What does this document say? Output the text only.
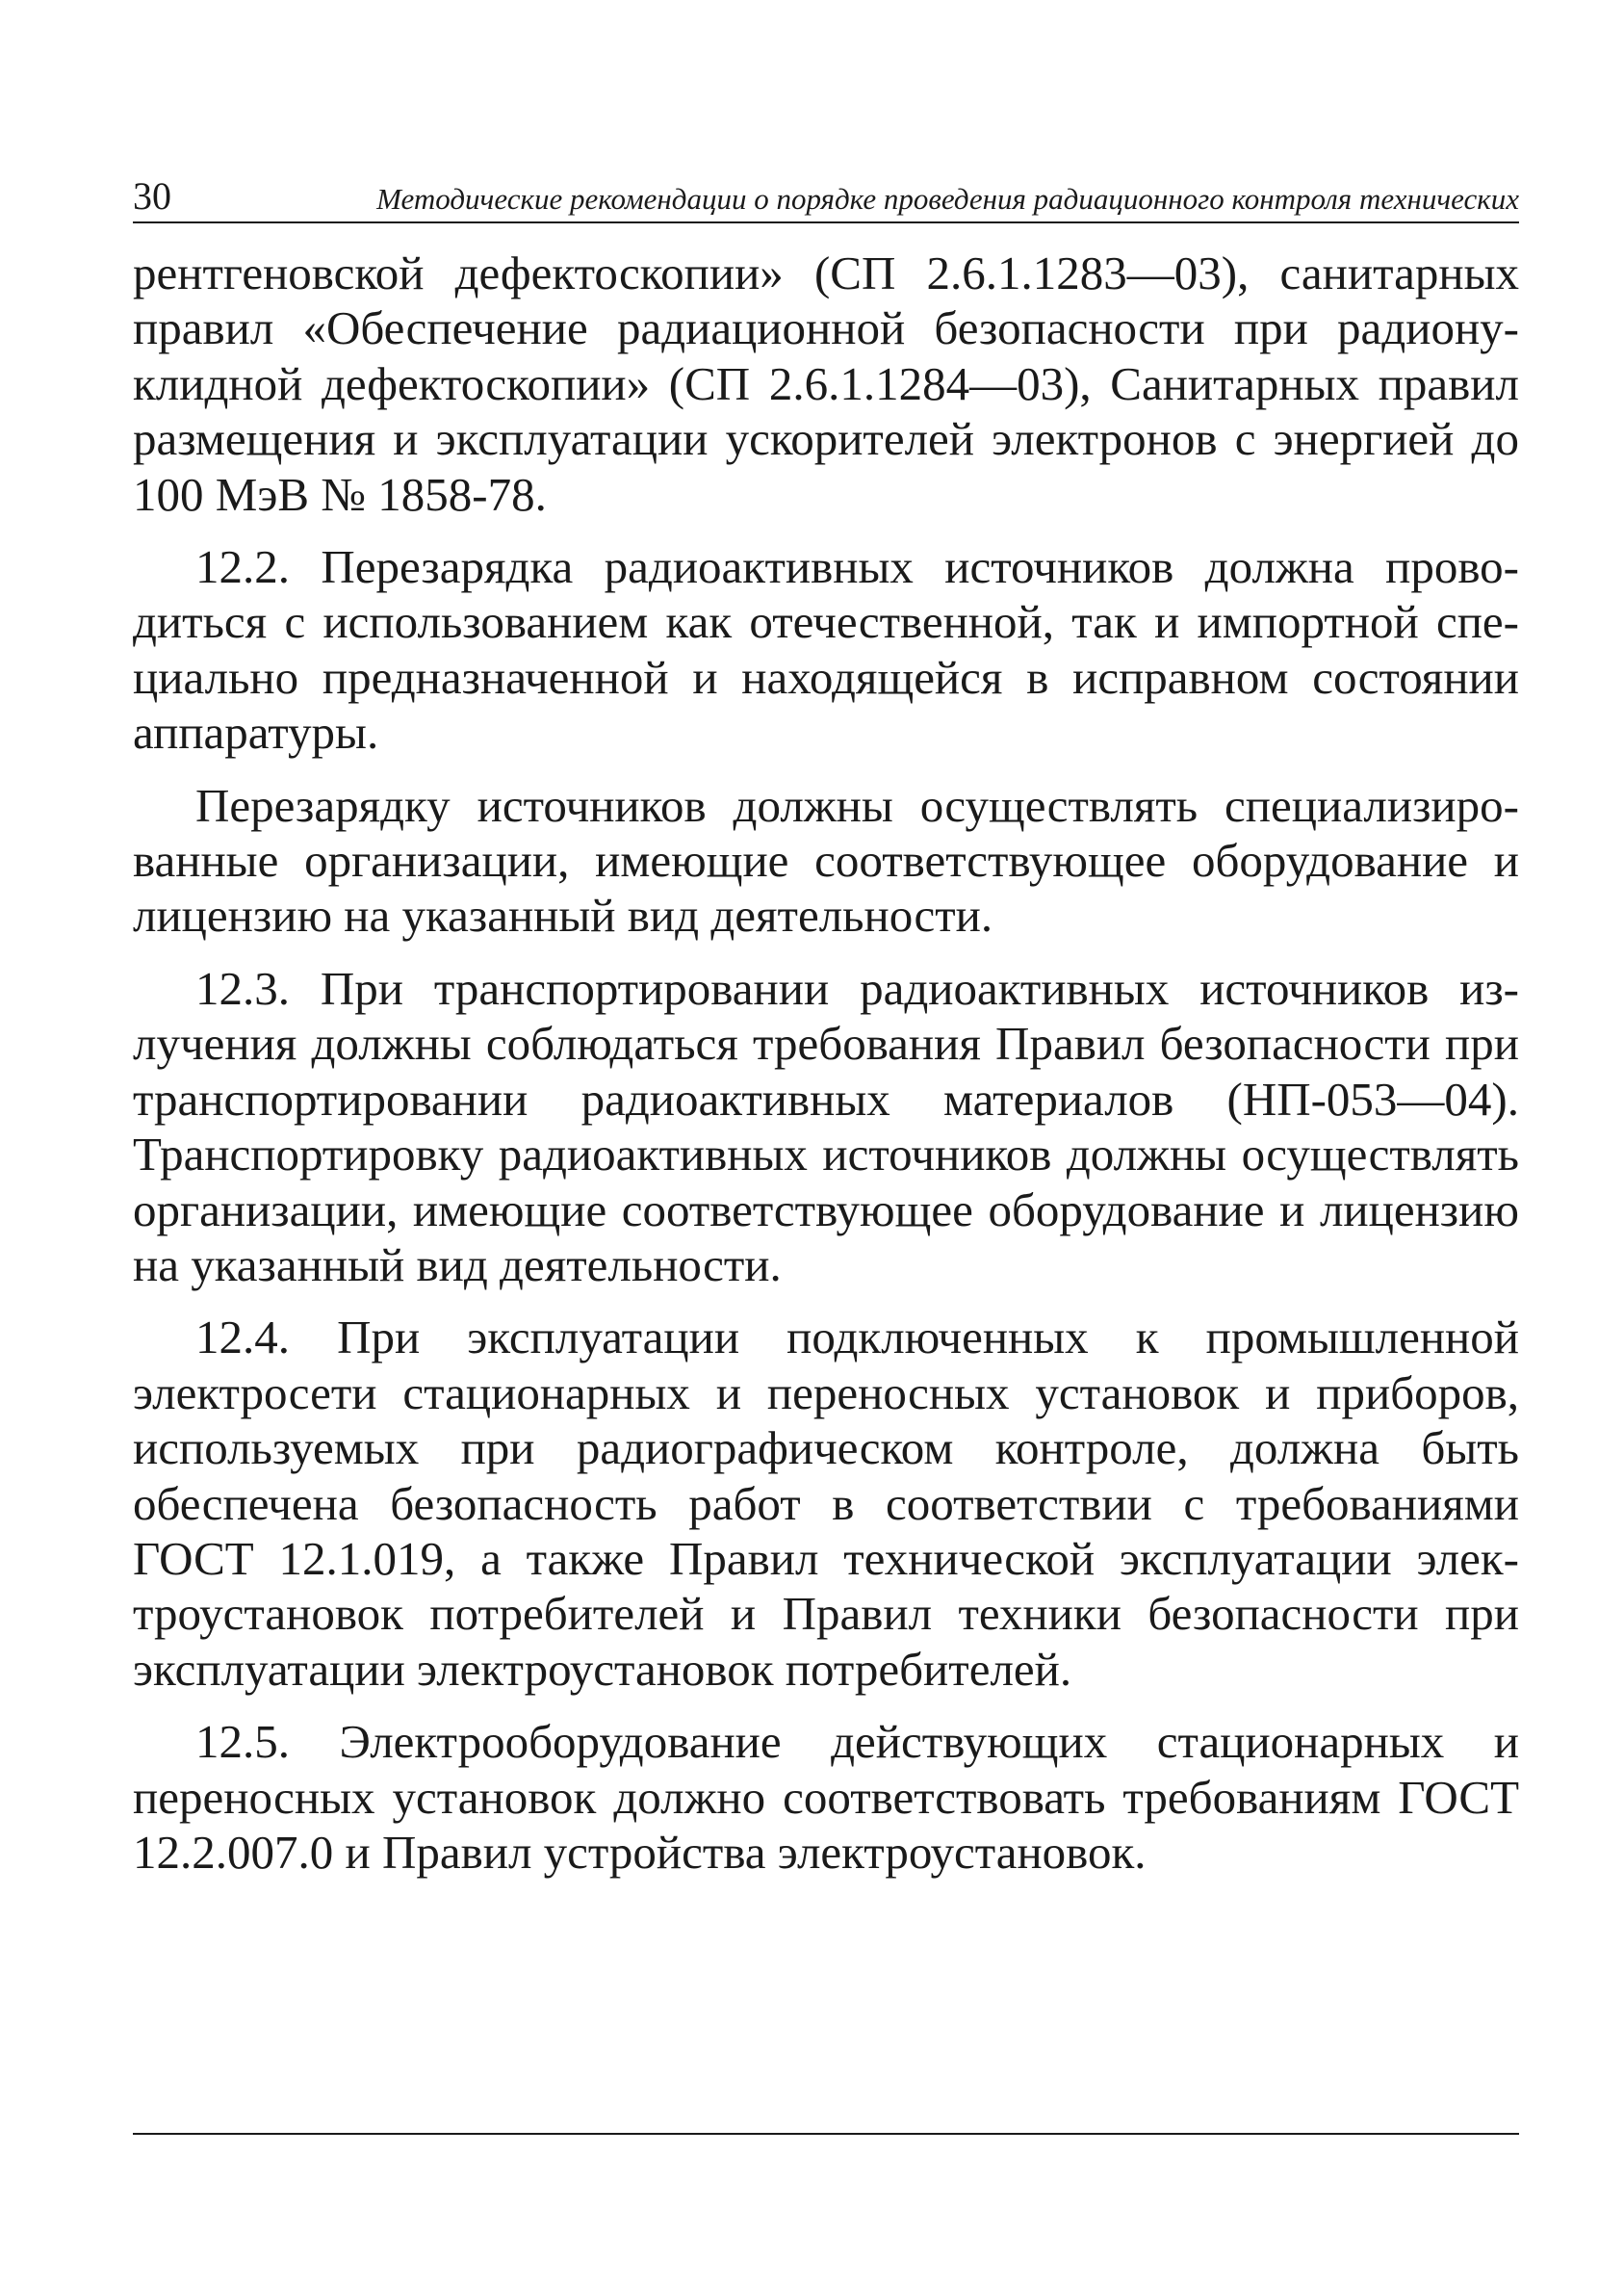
30	Методические рекомендации о порядке проведения радиационного контроля технических

рентгеновской дефектоскопии» (СП 2.6.1.1283—03), санитарных правил «Обеспечение радиационной безопасности при радионуклидной дефектоскопии» (СП 2.6.1.1284—03), Санитарных правил размещения и эксплуатации ускорителей электронов с энергией до 100 МэВ № 1858-78.

12.2. Перезарядка радиоактивных источников должна проводиться с использованием как отечественной, так и импортной специально предназначенной и находящейся в исправном состоянии аппаратуры.

Перезарядку источников должны осуществлять специализированные организации, имеющие соответствующее оборудование и лицензию на указанный вид деятельности.

12.3. При транспортировании радиоактивных источников излучения должны соблюдаться требования Правил безопасности при транспортировании радиоактивных материалов (НП-053—04). Транспортировку радиоактивных источников должны осуществлять организации, имеющие соответствующее оборудование и лицензию на указанный вид деятельности.

12.4. При эксплуатации подключенных к промышленной электросети стационарных и переносных установок и приборов, используемых при радиографическом контроле, должна быть обеспечена безопасность работ в соответствии с требованиями ГОСТ 12.1.019, а также Правил технической эксплуатации электроустановок потребителей и Правил техники безопасности при эксплуатации электроустановок потребителей.

12.5. Электрооборудование действующих стационарных и переносных установок должно соответствовать требованиям ГОСТ 12.2.007.0 и Правил устройства электроустановок.
